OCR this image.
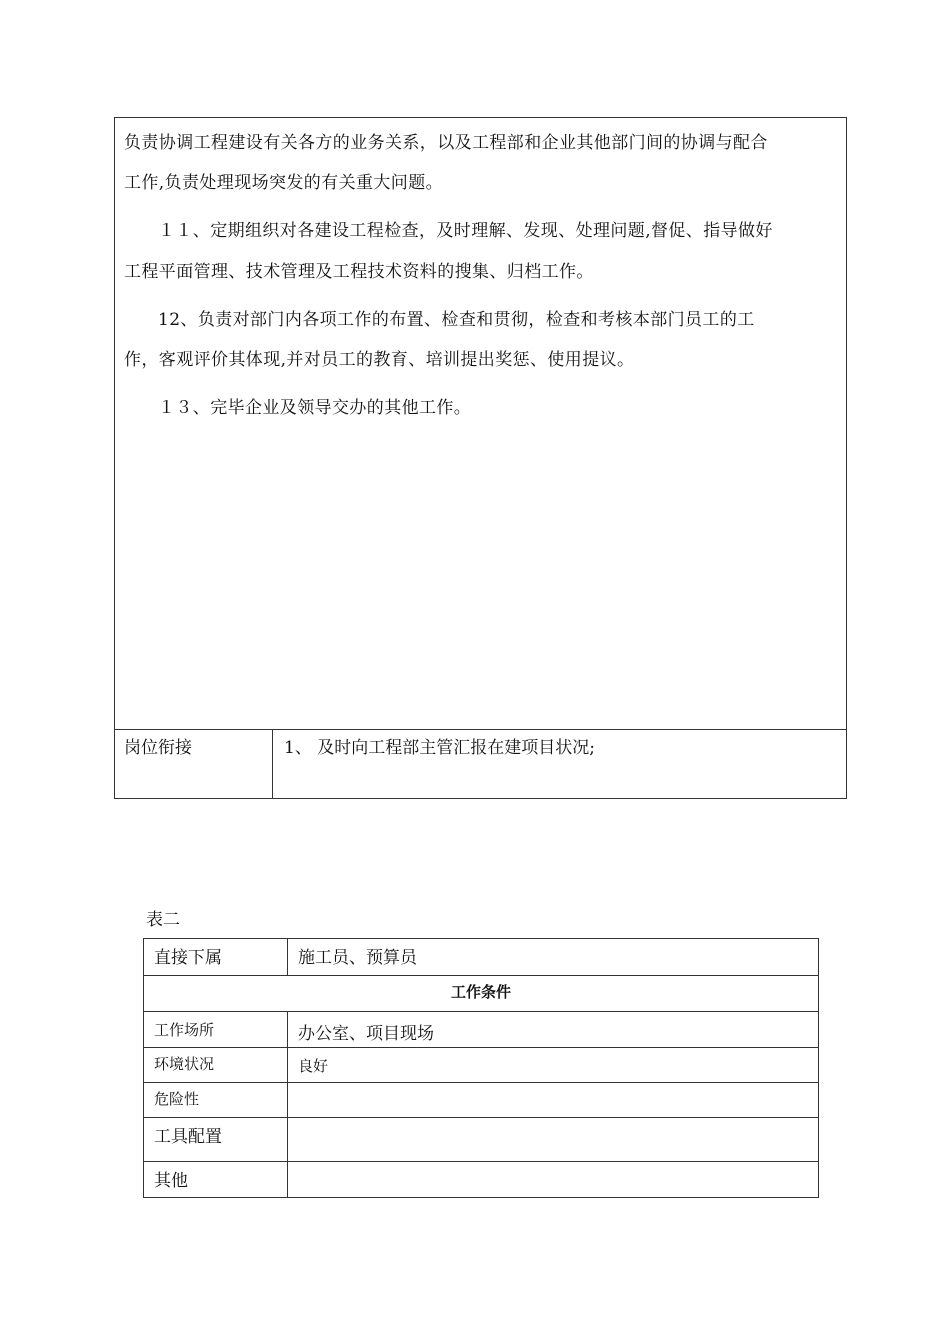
负责协调工程建设有关各方的业务关系，以及工程部和企业其他部门间的协调与配合
工作,负责处理现场突发的有关重大问题。
１１、定期组织对各建设工程检查，及时理解、发现、处理问题,督促、指导做好
工程平面管理、技术管理及工程技术资料的搜集、归档工作。
12、负责对部门内各项工作的布置、检查和贯彻，检查和考核本部门员工的工
作，客观评价其体现,并对员工的教育、培训提出奖惩、使用提议。
１３、完毕企业及领导交办的其他工作。
岗位衔接	1、 及时向工程部主管汇报在建项目状况;
表二
直接下属	施工员、预算员
工作条件
工作场所	办公室、项目现场
环境状况	良好
危险性
工具配置
其他
